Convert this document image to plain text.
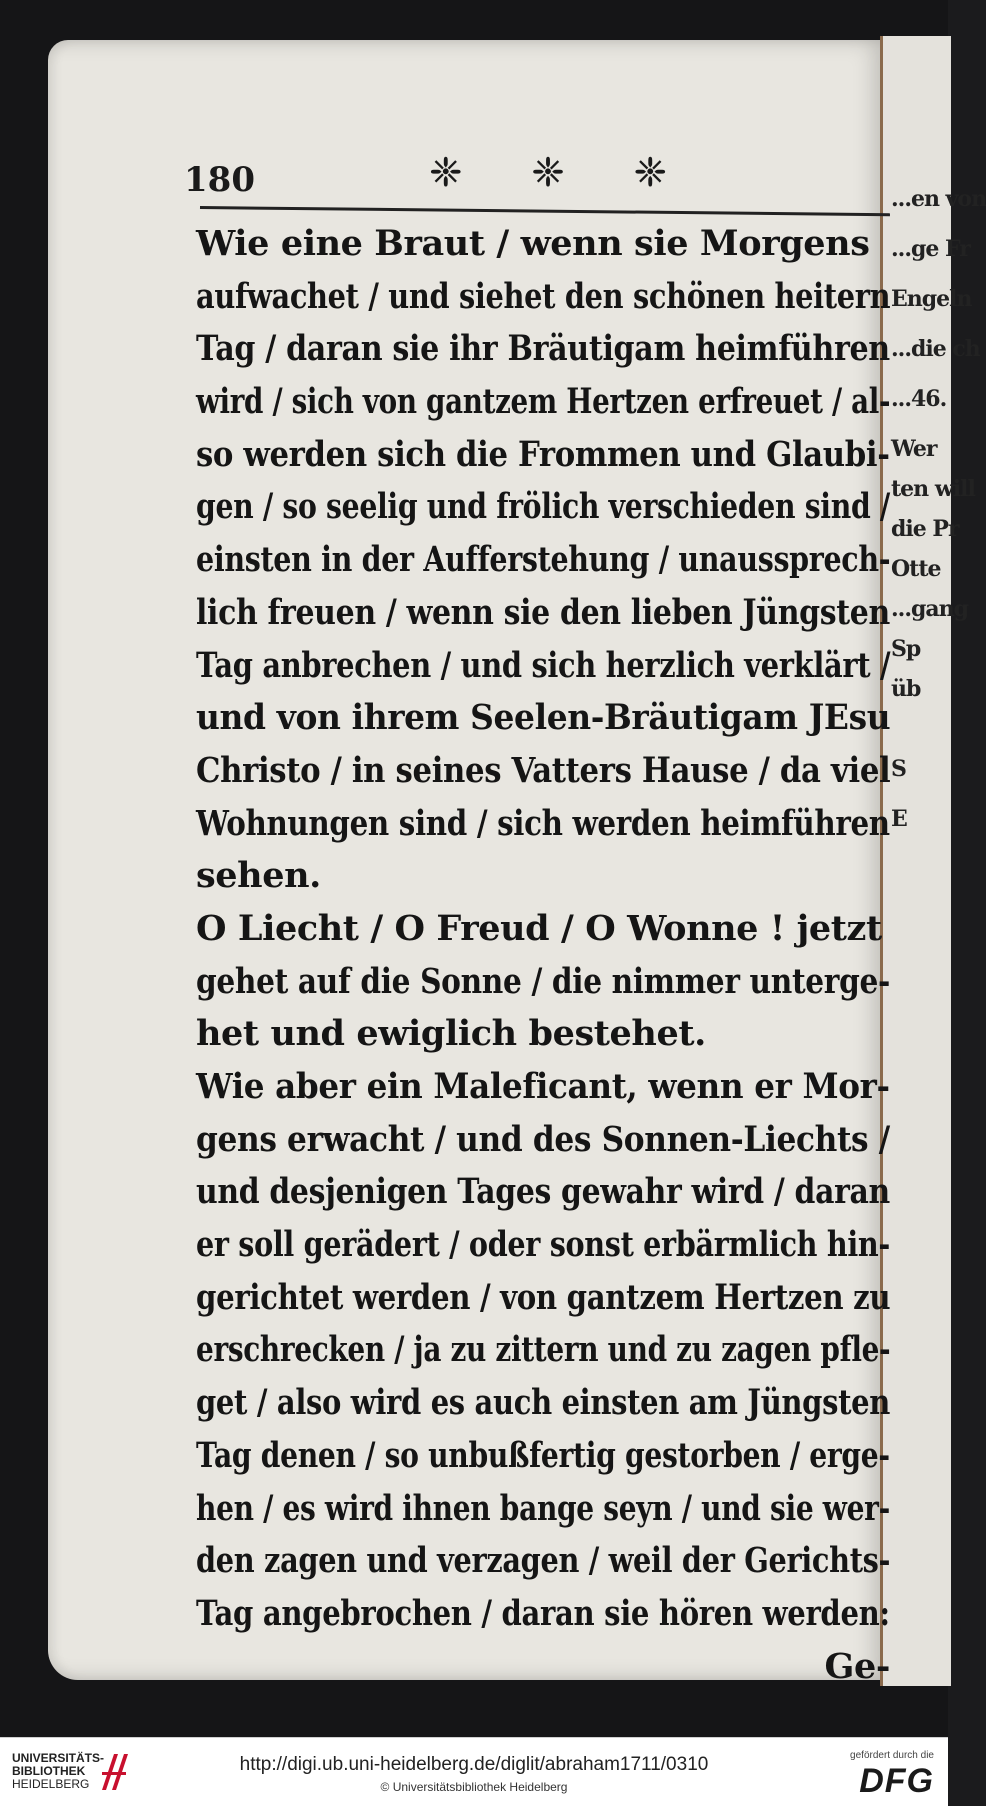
...en von
...ge Fr
Engeln
...die ch
...46.
Wer
ten will
die Pr
Otte
...gang
Sp
üb
S
E
180	❈ ❈ ❈
Wie eine Braut / wenn sie Morgens
aufwachet / und siehet den schönen heitern
Tag / daran sie ihr Bräutigam heimführen
wird / sich von gantzem Hertzen erfreuet / al-
so werden sich die Frommen und Glaubi-
gen / so seelig und frölich verschieden sind /
einsten in der Aufferstehung / unaussprech-
lich freuen / wenn sie den lieben Jüngsten
Tag anbrechen / und sich herzlich verklärt /
und von ihrem Seelen-Bräutigam JEsu
Christo / in seines Vatters Hause / da viel
Wohnungen sind / sich werden heimführen
sehen.
O Liecht / O Freud / O Wonne ! jetzt
gehet auf die Sonne / die nimmer unterge-
het und ewiglich bestehet.
Wie aber ein Maleficant, wenn er Mor-
gens erwacht / und des Sonnen-Liechts /
und desjenigen Tages gewahr wird / daran
er soll gerädert / oder sonst erbärmlich hin-
gerichtet werden / von gantzem Hertzen zu
erschrecken / ja zu zittern und zu zagen pfle-
get / also wird es auch einsten am Jüngsten
Tag denen / so unbußfertig gestorben / erge-
hen / es wird ihnen bange seyn / und sie wer-
den zagen und verzagen / weil der Gerichts-
Tag angebrochen / daran sie hören werden:
Ge-
UNIVERSITÄTS-
BIBLIOTHEK
HEIDELBERG
http://digi.ub.uni-heidelberg.de/diglit/abraham1711/0310
© Universitätsbibliothek Heidelberg
gefördert durch die
DFG
